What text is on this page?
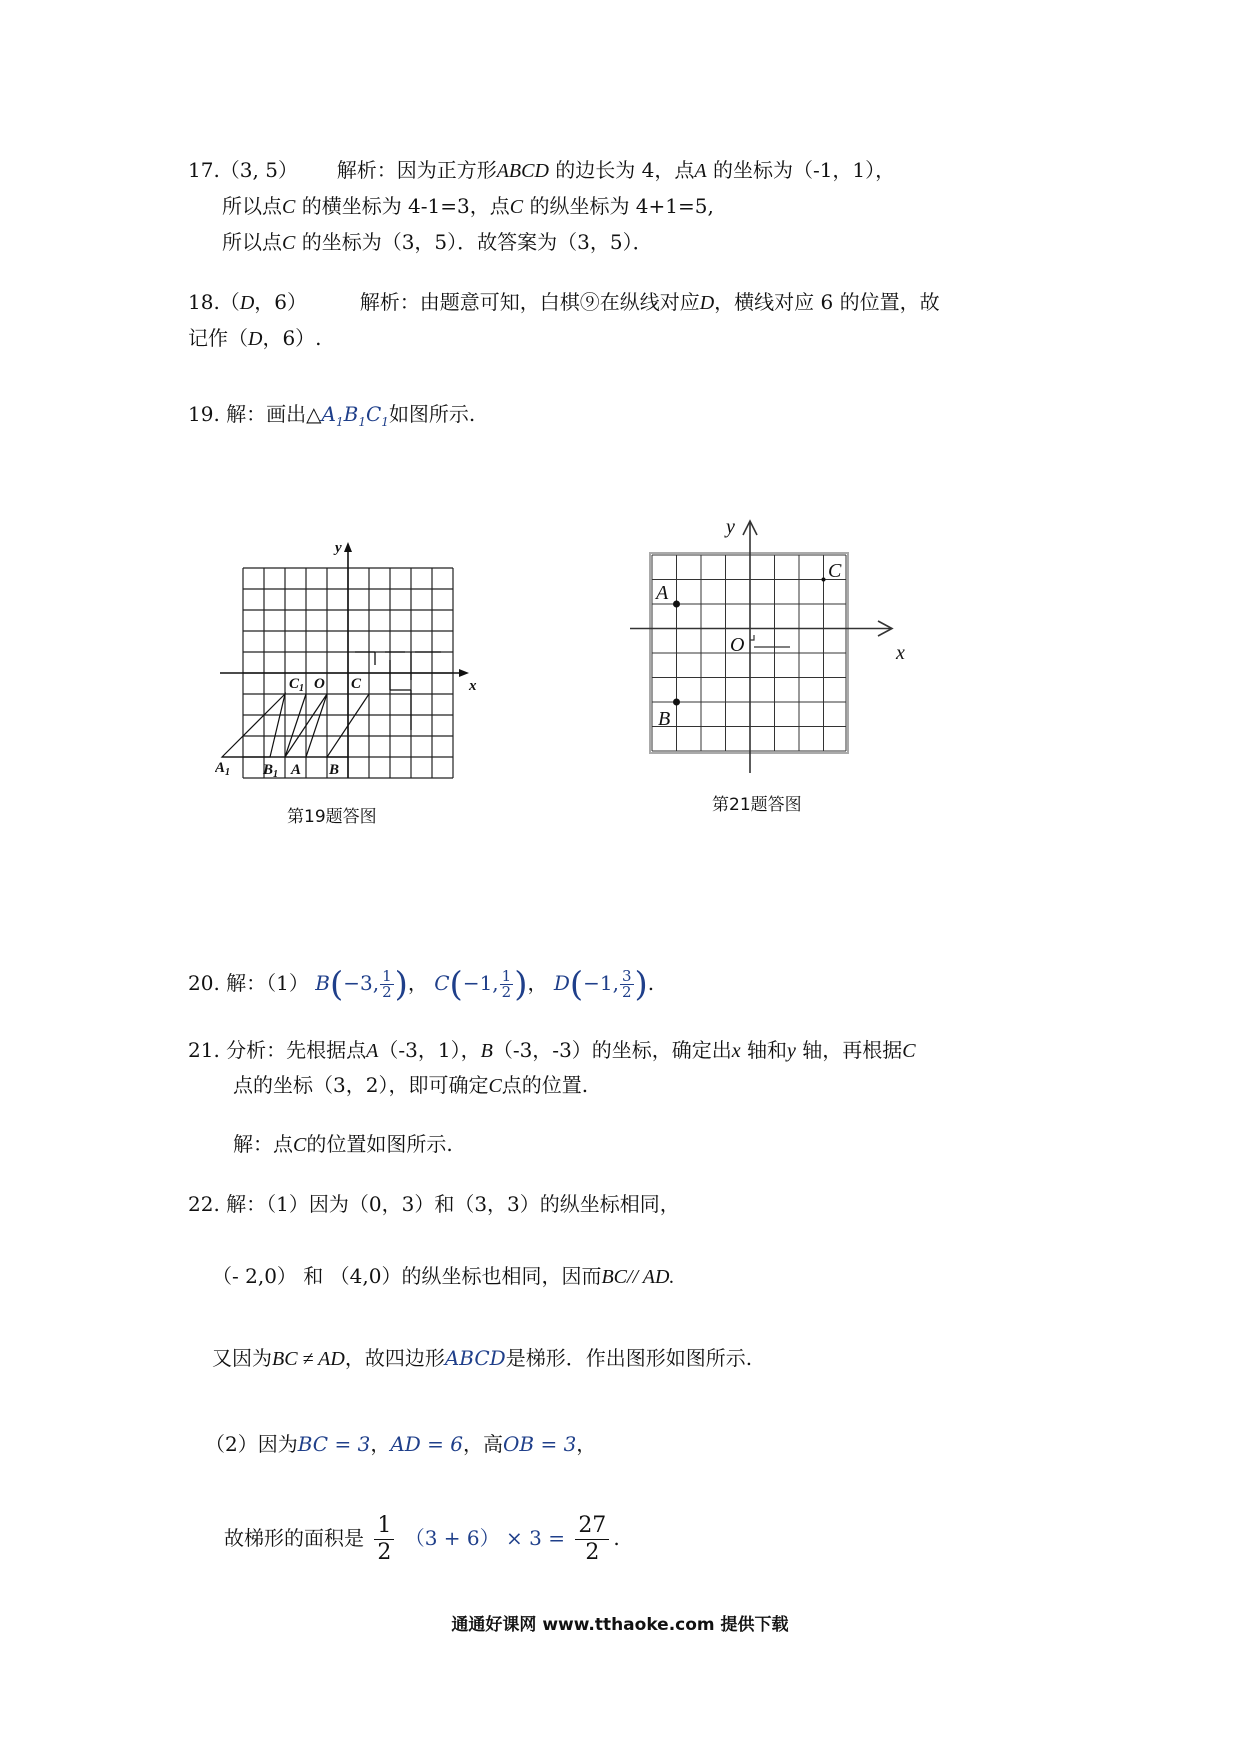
17.（3, 5） 解析：因为正方形ABCD 的边长为 4，点A 的坐标为（-1，1），
所以点C 的横坐标为 4-1=3，点C 的纵坐标为 4+1=5,
所以点C 的坐标为（3，5）．故答案为（3，5）．
18.（D，6）	解析：由题意可知，白棋⑨在纵线对应D，横线对应 6 的位置，故
记作（D，6）.
19. 解：画出$\triangle A_1B_1C_1$如图所示.
y
x
$C_1$ O C
$A_1$ $B_1$ A B
第19题答图
y
x
A
B
C
O
第21题答图
20. 解：（1） B(−3, $\frac{1}{2}$ )， C(−1, $\frac{1}{2}$ )， D(−1, $\frac{3}{2}$ ).
21. 分析：先根据点A（-3，1），B（-3，-3）的坐标，确定出x 轴和y 轴，再根据C
点的坐标（3，2），即可确定C点的位置.
解：点C的位置如图所示.
22. 解：（1）因为（0，3）和（3，3）的纵坐标相同，
（- 2,0） 和 （4,0）的纵坐标也相同，因而BC// AD.
又因为BC ≠ AD，故四边形ABCD是梯形．作出图形如图所示.
（2）因为BC = 3，AD = 6，高OB = 3，
故梯形的面积是 $\frac{1}{2} (3 + 6) \times 3 = \frac{27}{2}$ .
通通好课网 www.tthaoke.com 提供下载
